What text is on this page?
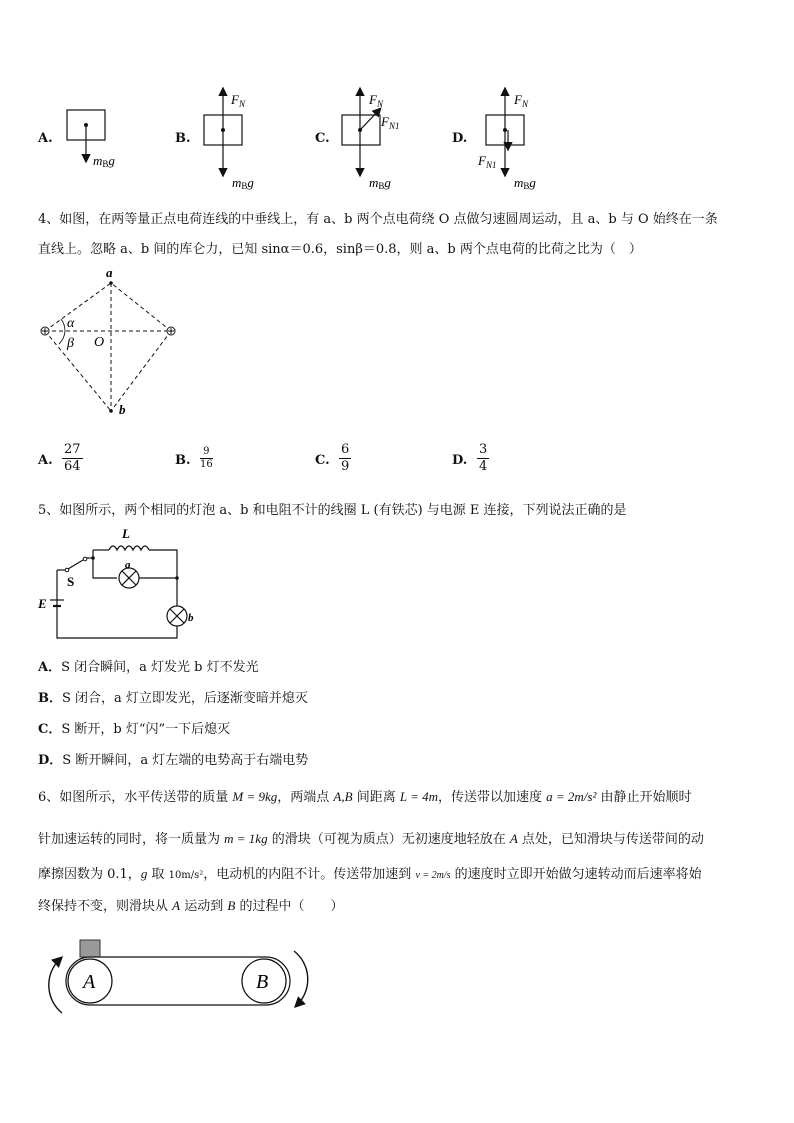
A.
mBg
B.
$F_N$
mBg
C.
$F_N$
$F_{N1}$
mBg
D.
$F_N$
$F_{N1}$
mBg
4、如图，在两等量正点电荷连线的中垂线上，有 a、b 两个点电荷绕 O 点做匀速圆周运动，且 a、b 与 O 始终在一条
直线上。忽略 a、b 间的库仑力，已知 sinα＝0.6，sinβ＝0.8，则 a、b 两个点电荷的比荷之比为（　）
a
b
α
β O
A. $\frac{27}{64}$	B. $\frac{9}{16}$	C. $\frac{6}{9}$	D. $\frac{3}{4}$
5、如图所示，两个相同的灯泡 a、b 和电阻不计的线圈 L (有铁芯) 与电源 E 连接，下列说法正确的是
L
S
E
a
b
A．S 闭合瞬间，a 灯发光 b 灯不发光
B．S 闭合，a 灯立即发光，后逐渐变暗并熄灭
C．S 断开，b 灯“闪”一下后熄灭
D．S 断开瞬间，a 灯左端的电势高于右端电势
6、如图所示，水平传送带的质量 M = 9kg，两端点 A,B 间距离 L = 4m，传送带以加速度 a = 2m/s² 由静止开始顺时
针加速运转的同时，将一质量为 m = 1kg 的滑块（可视为质点）无初速度地轻放在 A 点处，已知滑块与传送带间的动
摩擦因数为 0.1，g 取 10m/s²，电动机的内阻不计。传送带加速到 v = 2m/s 的速度时立即开始做匀速转动而后速率将始
终保持不变，则滑块从 A 运动到 B 的过程中（　　）
A	B
